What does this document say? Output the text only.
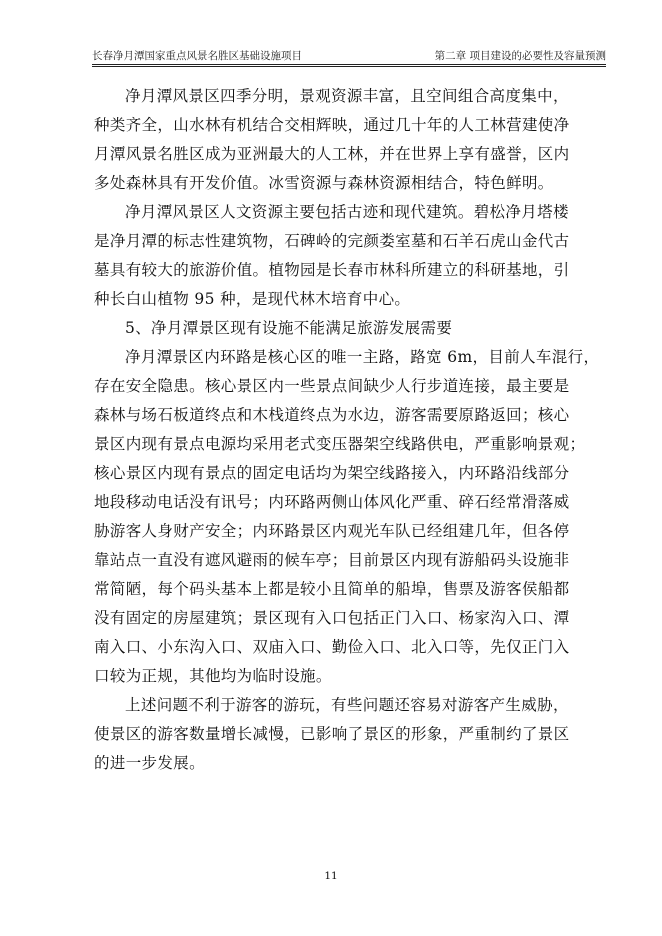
长春净月潭国家重点风景名胜区基础设施项目	第二章 项目建设的必要性及容量预测
净月潭风景区四季分明，景观资源丰富，且空间组合高度集中，
种类齐全，山水林有机结合交相辉映，通过几十年的人工林营建使净
月潭风景名胜区成为亚洲最大的人工林，并在世界上享有盛誉，区内
多处森林具有开发价值。冰雪资源与森林资源相结合，特色鲜明。
净月潭风景区人文资源主要包括古迹和现代建筑。碧松净月塔楼
是净月潭的标志性建筑物，石碑岭的完颜娄室墓和石羊石虎山金代古
墓具有较大的旅游价值。植物园是长春市林科所建立的科研基地，引
种长白山植物 95 种，是现代林木培育中心。
5、净月潭景区现有设施不能满足旅游发展需要
净月潭景区内环路是核心区的唯一主路，路宽 6m，目前人车混行，
存在安全隐患。核心景区内一些景点间缺少人行步道连接，最主要是
森林与场石板道终点和木栈道终点为水边，游客需要原路返回；核心
景区内现有景点电源均采用老式变压器架空线路供电，严重影响景观；
核心景区内现有景点的固定电话均为架空线路接入，内环路沿线部分
地段移动电话没有讯号；内环路两侧山体风化严重、碎石经常滑落威
胁游客人身财产安全；内环路景区内观光车队已经组建几年，但各停
靠站点一直没有遮风避雨的候车亭；目前景区内现有游船码头设施非
常简陋，每个码头基本上都是较小且简单的船埠，售票及游客侯船都
没有固定的房屋建筑；景区现有入口包括正门入口、杨家沟入口、潭
南入口、小东沟入口、双庙入口、勤俭入口、北入口等，先仅正门入
口较为正规，其他均为临时设施。
上述问题不利于游客的游玩，有些问题还容易对游客产生威胁，
使景区的游客数量增长减慢，已影响了景区的形象，严重制约了景区
的进一步发展。
11
